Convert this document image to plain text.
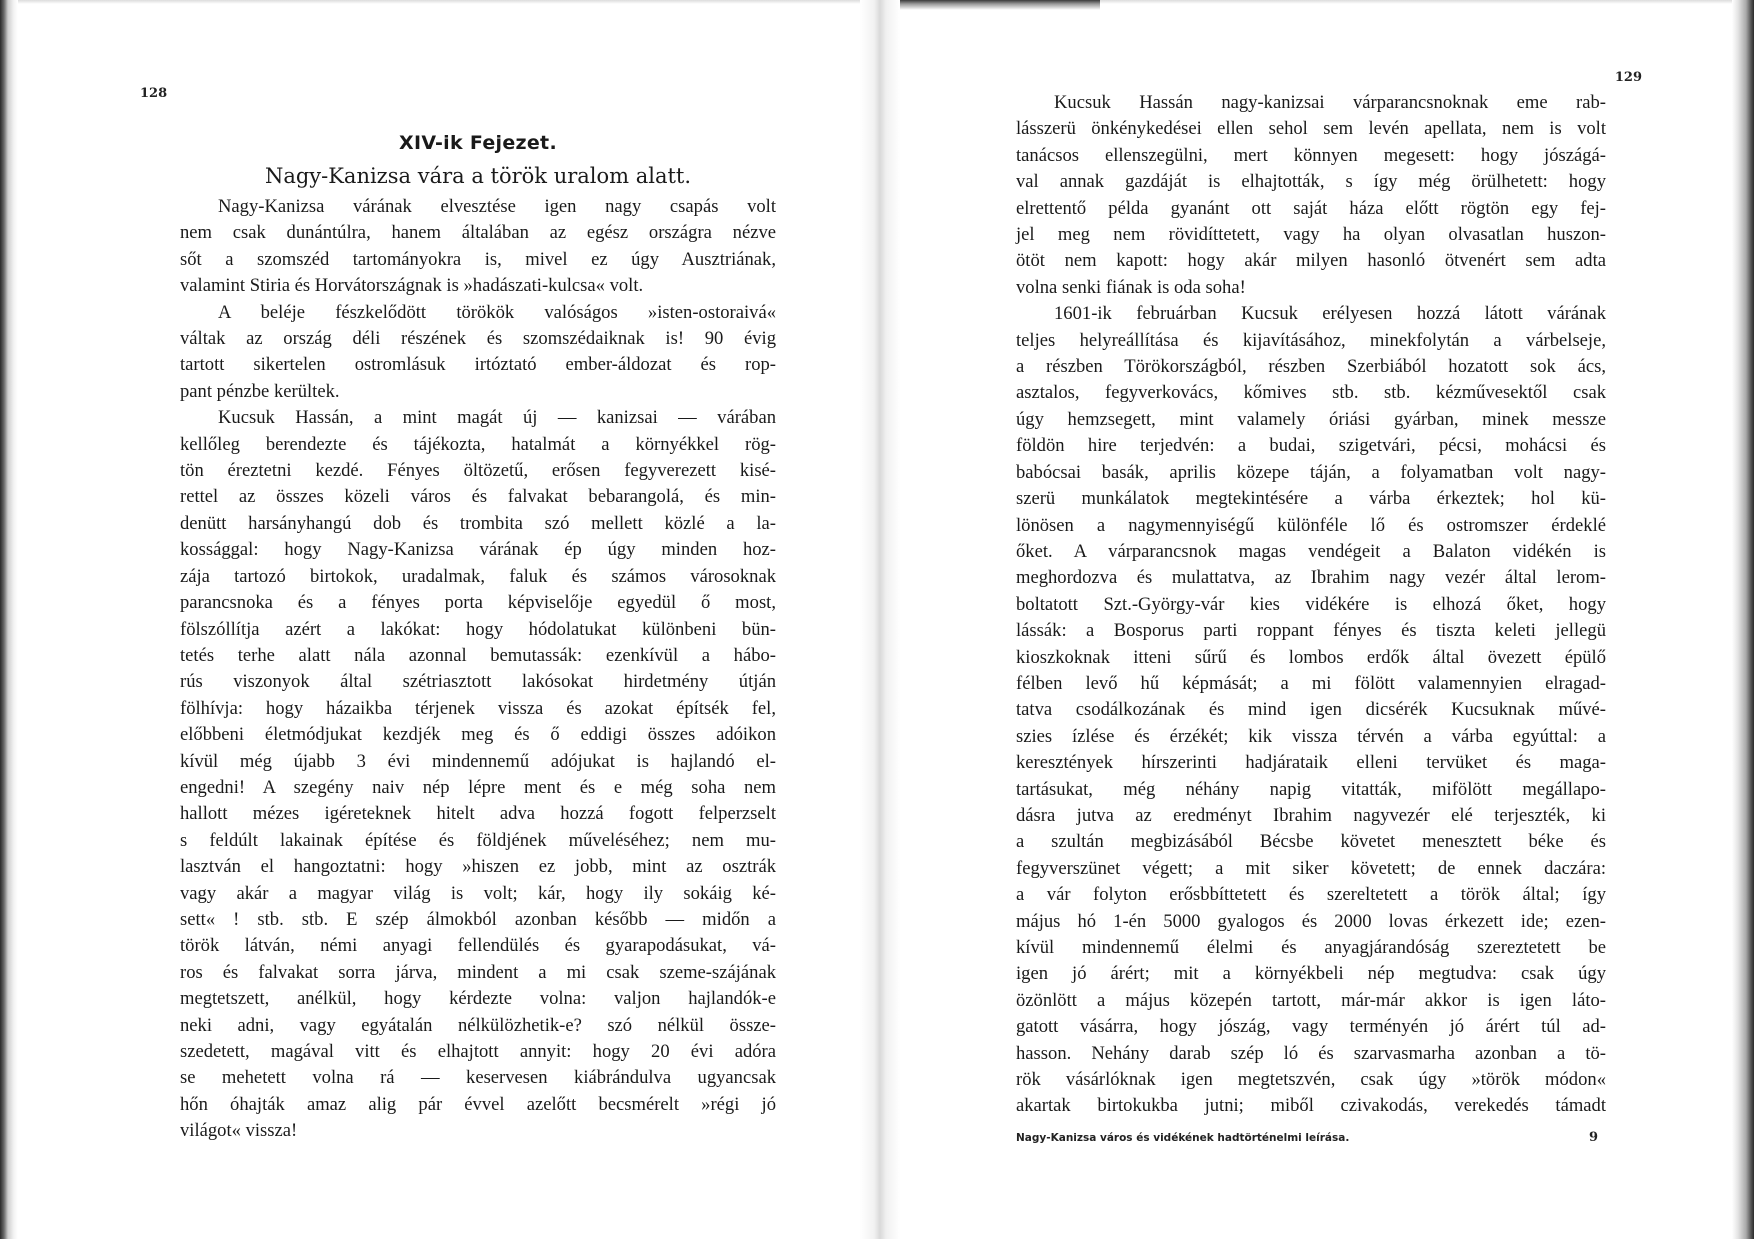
128
XIV-ik Fejezet.
Nagy-Kanizsa vára a török uralom alatt.
Nagy-Kanizsa várának elvesztése igen nagy csapás volt
nem csak dunántúlra, hanem általában az egész országra nézve
sőt a szomszéd tartományokra is, mivel ez úgy Ausztriának,
valamint Stiria és Horvátországnak is »hadászati-kulcsa« volt.
A beléje fészkelődött törökök valóságos »isten-ostoraivá«
váltak az ország déli részének és szomszédaiknak is! 90 évig
tartott sikertelen ostromlásuk irtóztató ember-áldozat és rop-
pant pénzbe kerültek.
Kucsuk Hassán, a mint magát új — kanizsai — várában
kellőleg berendezte és tájékozta, hatalmát a környékkel rög-
tön éreztetni kezdé. Fényes öltözetű, erősen fegyverezett kisé-
rettel az összes közeli város és falvakat bebarangolá, és min-
denütt harsányhangú dob és trombita szó mellett közlé a la-
kossággal: hogy Nagy-Kanizsa várának ép úgy minden hoz-
zája tartozó birtokok, uradalmak, faluk és számos városoknak
parancsnoka és a fényes porta képviselője egyedül ő most,
fölszóllítja azért a lakókat: hogy hódolatukat különbeni bün-
tetés terhe alatt nála azonnal bemutassák: ezenkívül a hábo-
rús viszonyok által szétriasztott lakósokat hirdetmény útján
fölhívja: hogy házaikba térjenek vissza és azokat építsék fel,
előbbeni életmódjukat kezdjék meg és ő eddigi összes adóikon
kívül még újabb 3 évi mindennemű adójukat is hajlandó el-
engedni! A szegény naiv nép lépre ment és e még soha nem
hallott mézes igéreteknek hitelt adva hozzá fogott felperzselt
s feldúlt lakainak építése és földjének műveléséhez; nem mu-
lasztván el hangoztatni: hogy »hiszen ez jobb, mint az osztrák
vagy akár a magyar világ is volt; kár, hogy ily sokáig ké-
sett« ! stb. stb. E szép álmokból azonban később — midőn a
török látván, némi anyagi fellendülés és gyarapodásukat, vá-
ros és falvakat sorra járva, mindent a mi csak szeme-szájának
megtetszett, anélkül, hogy kérdezte volna: valjon hajlandók-e
neki adni, vagy egyátalán nélkülözhetik-e? szó nélkül össze-
szedetett, magával vitt és elhajtott annyit: hogy 20 évi adóra
se mehetett volna rá — keservesen kiábrándulva ugyancsak
hőn óhajták amaz alig pár évvel azelőtt becsmérelt »régi jó
világot« vissza!
129
Kucsuk Hassán nagy-kanizsai várparancsnoknak eme rab-
lásszerü önkénykedései ellen sehol sem levén apellata, nem is volt
tanácsos ellenszegülni, mert könnyen megesett: hogy jószágá-
val annak gazdáját is elhajtották, s így még örülhetett: hogy
elrettentő példa gyanánt ott saját háza előtt rögtön egy fej-
jel meg nem rövidíttetett, vagy ha olyan olvasatlan huszon-
ötöt nem kapott: hogy akár milyen hasonló ötvenért sem adta
volna senki fiának is oda soha!
1601-ik februárban Kucsuk erélyesen hozzá látott várának
teljes helyreállítása és kijavításához, minekfolytán a várbelseje,
a részben Törökországból, részben Szerbiából hozatott sok ács,
asztalos, fegyverkovács, kőmives stb. stb. kézművesektől csak
úgy hemzsegett, mint valamely óriási gyárban, minek messze
földön hire terjedvén: a budai, szigetvári, pécsi, mohácsi és
babócsai basák, aprilis közepe táján, a folyamatban volt nagy-
szerü munkálatok megtekintésére a várba érkeztek; hol kü-
lönösen a nagymennyiségű különféle lő és ostromszer érdeklé
őket. A várparancsnok magas vendégeit a Balaton vidékén is
meghordozva és mulattatva, az Ibrahim nagy vezér által lerom-
boltatott Szt.-György-vár kies vidékére is elhozá őket, hogy
lássák: a Bosporus parti roppant fényes és tiszta keleti jellegü
kioszkoknak itteni sűrű és lombos erdők által övezett épülő
félben levő hű képmását; a mi fölött valamennyien elragad-
tatva csodálkozának és mind igen dicsérék Kucsuknak művé-
szies ízlése és érzékét; kik vissza térvén a várba egyúttal: a
keresztények hírszerinti hadjárataik elleni tervüket és maga-
tartásukat, még néhány napig vitatták, mifölött megállapo-
dásra jutva az eredményt Ibrahim nagyvezér elé terjeszték, ki
a szultán megbizásából Bécsbe követet menesztett béke és
fegyverszünet végett; a mit siker követett; de ennek daczára:
a vár folyton erősbbíttetett és szereltetett a török által; így
május hó 1-én 5000 gyalogos és 2000 lovas érkezett ide; ezen-
kívül mindennemű élelmi és anyagjárandóság szereztetett be
igen jó árért; mit a környékbeli nép megtudva: csak úgy
özönlött a május közepén tartott, már-már akkor is igen láto-
gatott vásárra, hogy jószág, vagy terményén jó árért túl ad-
hasson. Nehány darab szép ló és szarvasmarha azonban a tö-
rök vásárlóknak igen megtetszvén, csak úgy »török módon«
akartak birtokukba jutni; miből czivakodás, verekedés támadt
Nagy-Kanizsa város és vidékének hadtörténelmi leírása.	9
